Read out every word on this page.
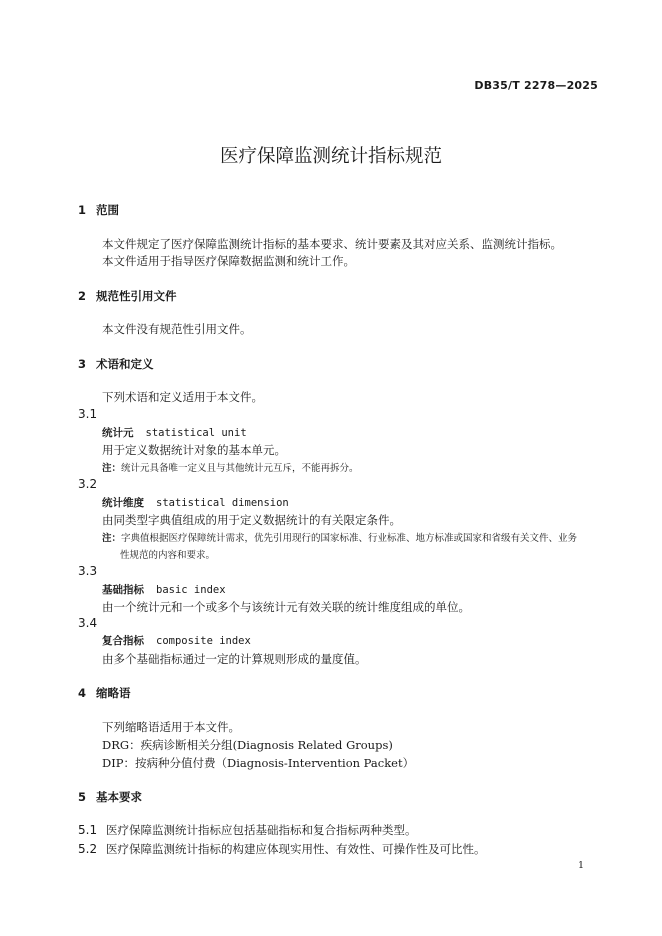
DB35/T 2278—2025
医疗保障监测统计指标规范
1 范围
本文件规定了医疗保障监测统计指标的基本要求、统计要素及其对应关系、监测统计指标。
本文件适用于指导医疗保障数据监测和统计工作。
2 规范性引用文件
本文件没有规范性引用文件。
3 术语和定义
下列术语和定义适用于本文件。
3.1
统计元 statistical unit
用于定义数据统计对象的基本单元。
注：统计元具备唯一定义且与其他统计元互斥，不能再拆分。
3.2
统计维度 statistical dimension
由同类型字典值组成的用于定义数据统计的有关限定条件。
注：字典值根据医疗保障统计需求，优先引用现行的国家标准、行业标准、地方标准或国家和省级有关文件、业务
性规范的内容和要求。
3.3
基础指标 basic index
由一个统计元和一个或多个与该统计元有效关联的统计维度组成的单位。
3.4
复合指标 composite index
由多个基础指标通过一定的计算规则形成的量度值。
4 缩略语
下列缩略语适用于本文件。
DRG：疾病诊断相关分组(Diagnosis Related Groups)
DIP：按病种分值付费（Diagnosis-Intervention Packet）
5 基本要求
5.1 医疗保障监测统计指标应包括基础指标和复合指标两种类型。
5.2 医疗保障监测统计指标的构建应体现实用性、有效性、可操作性及可比性。
1
